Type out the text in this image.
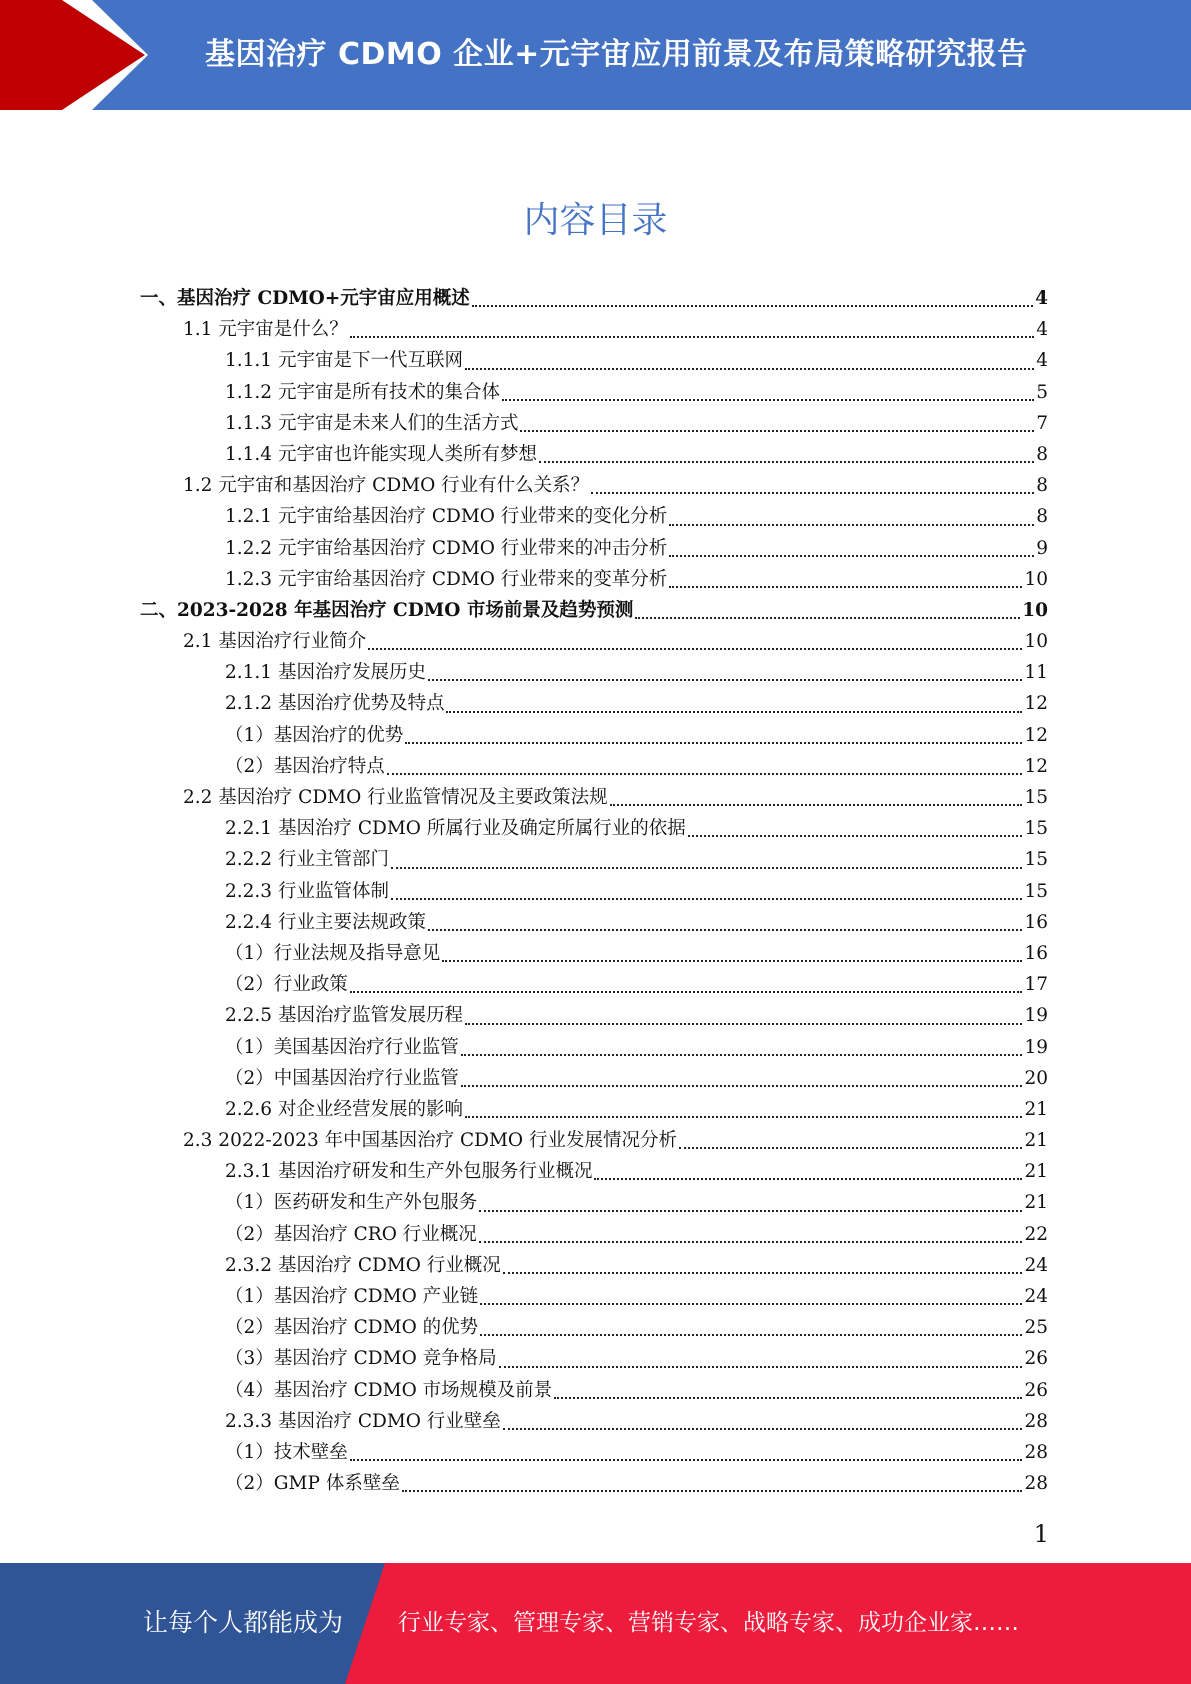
基因治疗 CDMO 企业+元宇宙应用前景及布局策略研究报告
内容目录
一、基因治疗 CDMO+元宇宙应用概述	4
1.1 元宇宙是什么？	4
1.1.1 元宇宙是下一代互联网	4
1.1.2 元宇宙是所有技术的集合体	5
1.1.3 元宇宙是未来人们的生活方式	7
1.1.4 元宇宙也许能实现人类所有梦想	8
1.2 元宇宙和基因治疗 CDMO 行业有什么关系？	8
1.2.1 元宇宙给基因治疗 CDMO 行业带来的变化分析	8
1.2.2 元宇宙给基因治疗 CDMO 行业带来的冲击分析	9
1.2.3 元宇宙给基因治疗 CDMO 行业带来的变革分析	10
二、2023-2028 年基因治疗 CDMO 市场前景及趋势预测	10
2.1 基因治疗行业简介	10
2.1.1 基因治疗发展历史	11
2.1.2 基因治疗优势及特点	12
（1）基因治疗的优势	12
（2）基因治疗特点	12
2.2 基因治疗 CDMO 行业监管情况及主要政策法规	15
2.2.1 基因治疗 CDMO 所属行业及确定所属行业的依据	15
2.2.2 行业主管部门	15
2.2.3 行业监管体制	15
2.2.4 行业主要法规政策	16
（1）行业法规及指导意见	16
（2）行业政策	17
2.2.5 基因治疗监管发展历程	19
（1）美国基因治疗行业监管	19
（2）中国基因治疗行业监管	20
2.2.6 对企业经营发展的影响	21
2.3 2022-2023 年中国基因治疗 CDMO 行业发展情况分析	21
2.3.1 基因治疗研发和生产外包服务行业概况	21
（1）医药研发和生产外包服务	21
（2）基因治疗 CRO 行业概况	22
2.3.2 基因治疗 CDMO 行业概况	24
（1）基因治疗 CDMO 产业链	24
（2）基因治疗 CDMO 的优势	25
（3）基因治疗 CDMO 竞争格局	26
（4）基因治疗 CDMO 市场规模及前景	26
2.3.3 基因治疗 CDMO 行业壁垒	28
（1）技术壁垒	28
（2）GMP 体系壁垒	28
1
让每个人都能成为 行业专家、管理专家、营销专家、战略专家、成功企业家……
